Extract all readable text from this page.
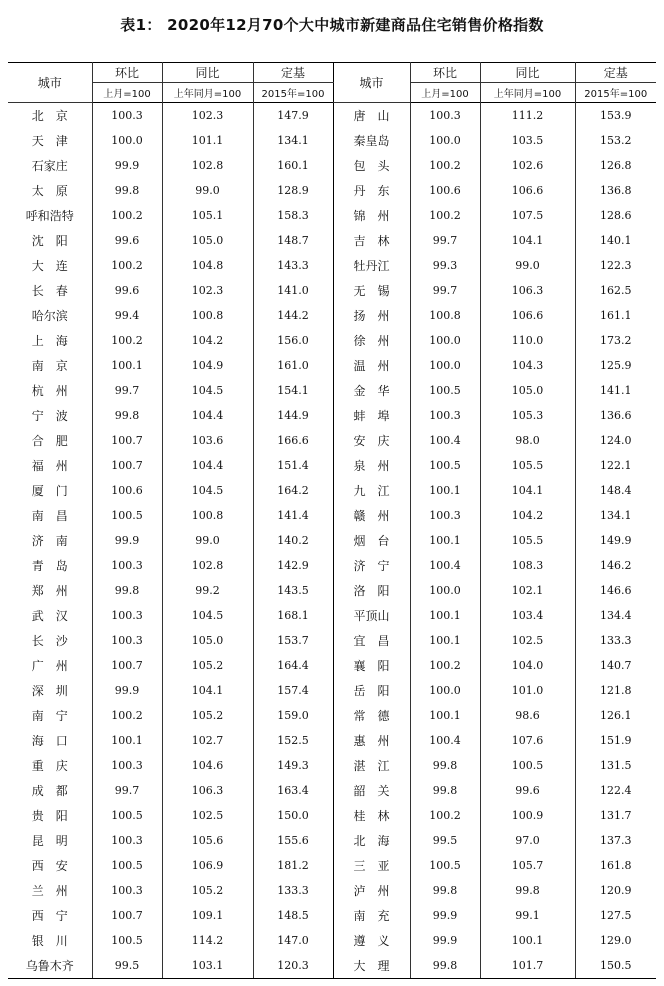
表1： 2020年12月70个大中城市新建商品住宅销售价格指数
城市	环比	同比	定基	城市	环比	同比	定基
	上月=100	上年同月=100	2015年=100		上月=100	上年同月=100	2015年=100
北　京	100.3	102.3	147.9	唐　山	100.3	111.2	153.9
天　津	100.0	101.1	134.1	秦皇岛	100.0	103.5	153.2
石家庄	99.9	102.8	160.1	包　头	100.2	102.6	126.8
太　原	99.8	99.0	128.9	丹　东	100.6	106.6	136.8
呼和浩特	100.2	105.1	158.3	锦　州	100.2	107.5	128.6
沈　阳	99.6	105.0	148.7	吉　林	99.7	104.1	140.1
大　连	100.2	104.8	143.3	牡丹江	99.3	99.0	122.3
长　春	99.6	102.3	141.0	无　锡	99.7	106.3	162.5
哈尔滨	99.4	100.8	144.2	扬　州	100.8	106.6	161.1
上　海	100.2	104.2	156.0	徐　州	100.0	110.0	173.2
南　京	100.1	104.9	161.0	温　州	100.0	104.3	125.9
杭　州	99.7	104.5	154.1	金　华	100.5	105.0	141.1
宁　波	99.8	104.4	144.9	蚌　埠	100.3	105.3	136.6
合　肥	100.7	103.6	166.6	安　庆	100.4	98.0	124.0
福　州	100.7	104.4	151.4	泉　州	100.5	105.5	122.1
厦　门	100.6	104.5	164.2	九　江	100.1	104.1	148.4
南　昌	100.5	100.8	141.4	赣　州	100.3	104.2	134.1
济　南	99.9	99.0	140.2	烟　台	100.1	105.5	149.9
青　岛	100.3	102.8	142.9	济　宁	100.4	108.3	146.2
郑　州	99.8	99.2	143.5	洛　阳	100.0	102.1	146.6
武　汉	100.3	104.5	168.1	平顶山	100.1	103.4	134.4
长　沙	100.3	105.0	153.7	宜　昌	100.1	102.5	133.3
广　州	100.7	105.2	164.4	襄　阳	100.2	104.0	140.7
深　圳	99.9	104.1	157.4	岳　阳	100.0	101.0	121.8
南　宁	100.2	105.2	159.0	常　德	100.1	98.6	126.1
海　口	100.1	102.7	152.5	惠　州	100.4	107.6	151.9
重　庆	100.3	104.6	149.3	湛　江	99.8	100.5	131.5
成　都	99.7	106.3	163.4	韶　关	99.8	99.6	122.4
贵　阳	100.5	102.5	150.0	桂　林	100.2	100.9	131.7
昆　明	100.3	105.6	155.6	北　海	99.5	97.0	137.3
西　安	100.5	106.9	181.2	三　亚	100.5	105.7	161.8
兰　州	100.3	105.2	133.3	泸　州	99.8	99.8	120.9
西　宁	100.7	109.1	148.5	南　充	99.9	99.1	127.5
银　川	100.5	114.2	147.0	遵　义	99.9	100.1	129.0
乌鲁木齐	99.5	103.1	120.3	大　理	99.8	101.7	150.5
